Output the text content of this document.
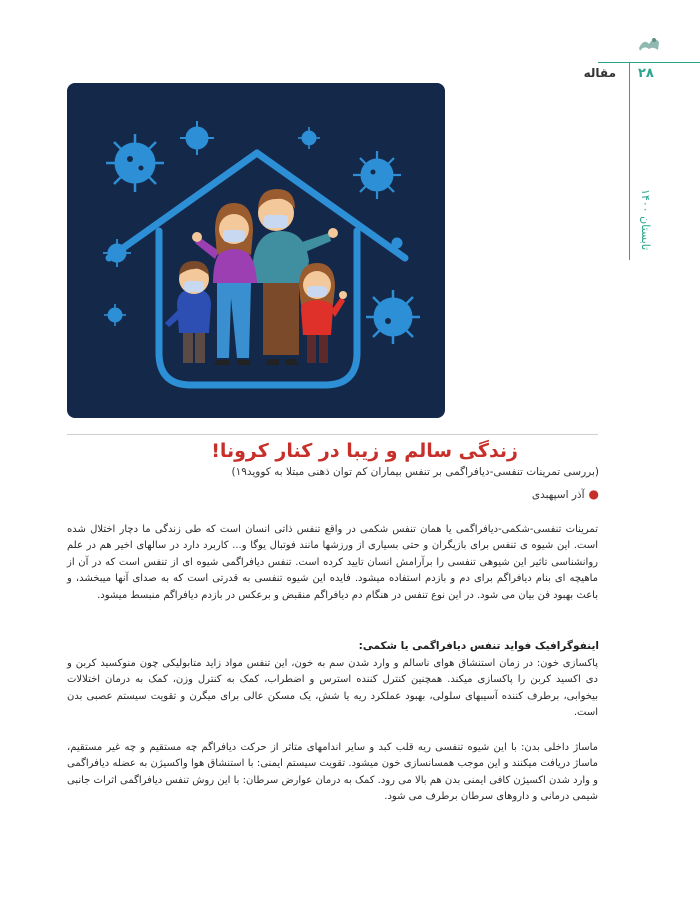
۲۸
مقاله
تابستان ۱۴۰۰
زندگی سالم و زیبا در کنار کرونا!
(بررسی تمرینات تنفسی-دیافراگمی بر تنفس بیماران کم توان ذهنی مبتلا به کووید۱۹)
●آذر اسپهبدی
تمرینات تنفسی-شکمی-دیافراگمی یا همان تنفس شکمی در واقع تنفس ذاتی انسان است که طی زندگی ما دچار اختلال شده است. این شیوه ی تنفس برای بازیگران و حتی بسیاری از ورزشها مانند فوتبال یوگا و... کاربرد دارد در سالهای اخیر هم در علم روانشناسی تاثیر این شیوهی تنفسی را برآرامش انسان تایید کرده است. تنفس دیافراگمی شیوه ای از تنفس است که در آن از ماهیچه ای بنام دیافراگم برای دم و بازدم استفاده میشود. فایده این شیوه تنفسی به قدرتی است که به صدای آنها میبخشد، و باعث بهبود فن بیان می شود. در این نوع تنفس در هنگام دم دیافراگم منقبض و برعکس در بازدم دیافراگم منبسط میشود.
اینفوگرافیک فواید تنفس دیافراگمی یا شکمی:
پاکسازی خون: در زمان استنشاق هوای ناسالم و وارد شدن سم به خون، این تنفس مواد زاید متابولیکی چون منوکسید کربن و دی اکسید کربن را پاکسازی میکند. همچنین کنترل کننده استرس و اضطراب، کمک به کنترل وزن، کمک به درمان اختلالات بیخوابی، برطرف کننده آسیبهای سلولی، بهبود عملکرد ریه یا شش، یک مسکن عالی برای میگرن و تقویت سیستم عصبی بدن است.
ماساژ داخلی بدن: با این شیوه تنفسی ریه قلب کبد و سایر اندامهای متاثر از حرکت دیافراگم چه مستقیم و چه غیر مستقیم، ماساژ دریافت میکنند و این موجب همسانسازی خون میشود. تقویت سیستم ایمنی: با استنشاق هوا واکسیژن به عضله دیافراگمی و وارد شدن اکسیژن کافی ایمنی بدن هم بالا می رود. کمک به درمان عوارض سرطان: با این روش تنفس دیافراگمی اثرات جانبی شیمی درمانی و داروهای سرطان برطرف می شود.
